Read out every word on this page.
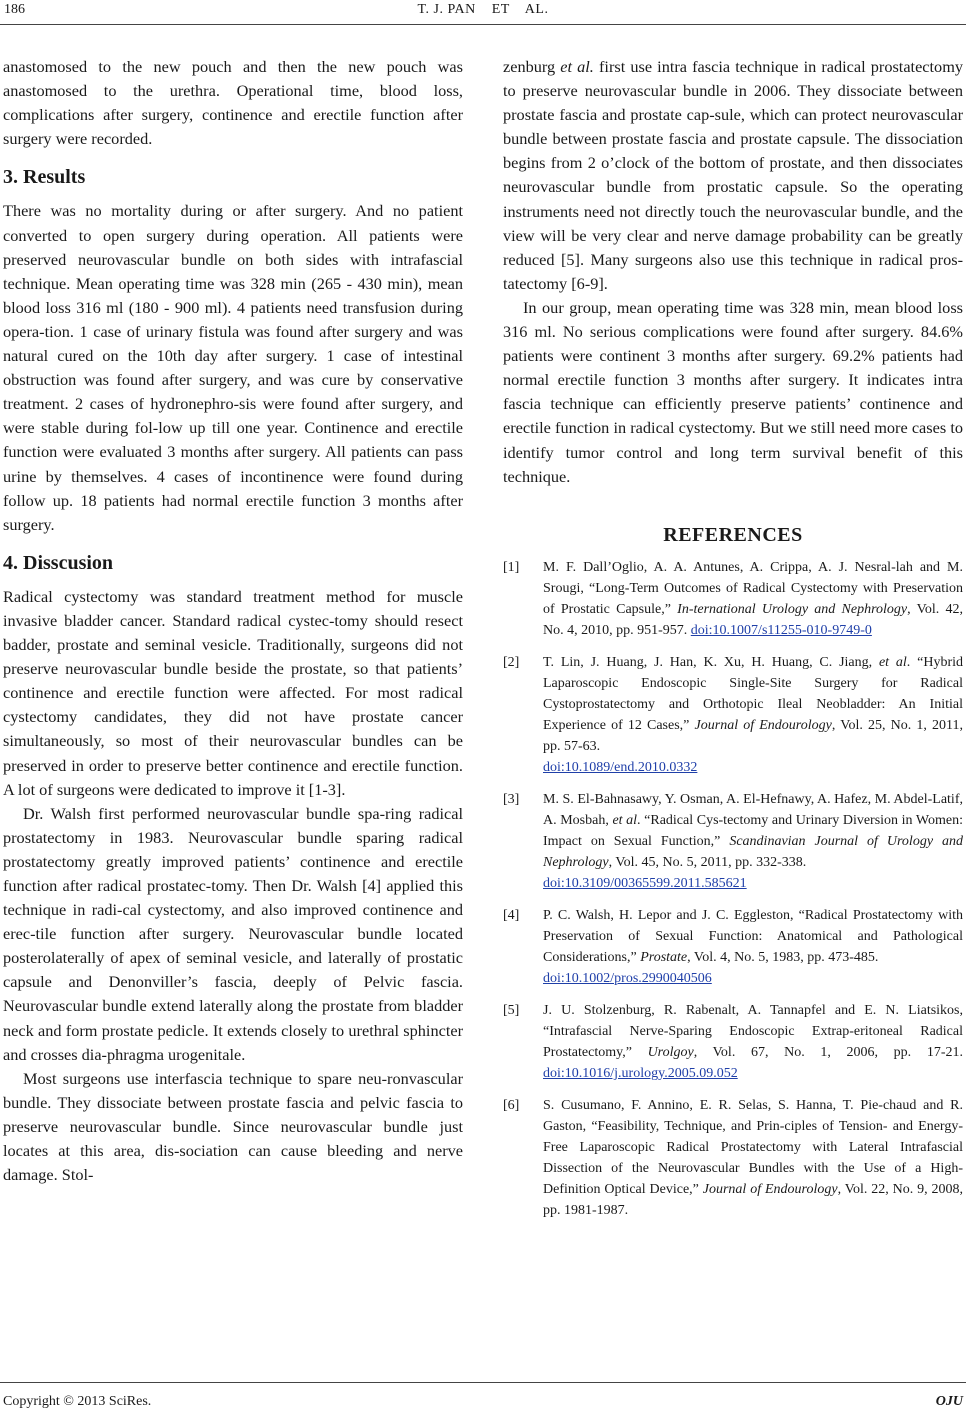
186	T. J. PAN    ET    AL.

anastomosed to the new pouch and then the new pouch was anastomosed to the urethra. Operational time, blood loss, complications after surgery, continence and erectile function after surgery were recorded.

3. Results

There was no mortality during or after surgery. And no patient converted to open surgery during operation. All patients were preserved neurovascular bundle on both sides with intrafascial technique. Mean operating time was 328 min (265 - 430 min), mean blood loss 316 ml (180 - 900 ml). 4 patients need transfusion during opera-tion. 1 case of urinary fistula was found after surgery and was natural cured on the 10th day after surgery. 1 case of intestinal obstruction was found after surgery, and was cure by conservative treatment. 2 cases of hydronephro-sis were found after surgery, and were stable during fol-low up till one year. Continence and erectile function were evaluated 3 months after surgery. All patients can pass urine by themselves. 4 cases of incontinence were found during follow up. 18 patients had normal erectile function 3 months after surgery.

4. Disscusion

Radical cystectomy was standard treatment method for muscle invasive bladder cancer. Standard radical cystec-tomy should resect badder, prostate and seminal vesicle. Traditionally, surgeons did not preserve neurovascular bundle beside the prostate, so that patients’ continence and erectile function were affected. For most radical cystectomy candidates, they did not have prostate cancer simultaneously, so most of their neurovascular bundles can be preserved in order to preserve better continence and erectile function. A lot of surgeons were dedicated to improve it [1-3].

Dr. Walsh first performed neurovascular bundle spa-ring radical prostatectomy in 1983. Neurovascular bundle sparing radical prostatectomy greatly improved patients’ continence and erectile function after radical prostatec-tomy. Then Dr. Walsh [4] applied this technique in radi-cal cystectomy, and also improved continence and erec-tile function after surgery. Neurovascular bundle located posterolaterally of apex of seminal vesicle, and laterally of prostatic capsule and Denonviller’s fascia, deeply of Pelvic fascia. Neurovascular bundle extend laterally along the prostate from bladder neck and form prostate pedicle. It extends closely to urethral sphincter and crosses dia-phragma urogenitale.

Most surgeons use interfascia technique to spare neu-ronvascular bundle. They dissociate between prostate fascia and pelvic fascia to preserve neurovascular bundle. Since neurovascular bundle just locates at this area, dis-sociation can cause bleeding and nerve damage. Stol-

zenburg et al. first use intra fascia technique in radical prostatectomy to preserve neurovascular bundle in 2006. They dissociate between prostate fascia and prostate cap-sule, which can protect neurovascular bundle between prostate fascia and prostate capsule. The dissociation begins from 2 o’clock of the bottom of prostate, and then dissociates neurovascular bundle from prostatic capsule. So the operating instruments need not directly touch the neurovascular bundle, and the view will be very clear and nerve damage probability can be greatly reduced [5]. Many surgeons also use this technique in radical pros-tatectomy [6-9].

In our group, mean operating time was 328 min, mean blood loss 316 ml. No serious complications were found after surgery. 84.6% patients were continent 3 months after surgery. 69.2% patients had normal erectile function 3 months after surgery. It indicates intra fascia technique can efficiently preserve patients’ continence and erectile function in radical cystectomy. But we still need more cases to identify tumor control and long term survival benefit of this technique.

REFERENCES
[1] M. F. Dall’Oglio, A. A. Antunes, A. Crippa, A. J. Nesral-lah and M. Srougi, “Long-Term Outcomes of Radical Cystectomy with Preservation of Prostatic Capsule,” In-ternational Urology and Nephrology, Vol. 42, No. 4, 2010, pp. 951-957. doi:10.1007/s11255-010-9749-0
[2] T. Lin, J. Huang, J. Han, K. Xu, H. Huang, C. Jiang, et al. “Hybrid Laparoscopic Endoscopic Single-Site Surgery for Radical Cystoprostatectomy and Orthotopic Ileal Neobladder: An Initial Experience of 12 Cases,” Journal of Endourology, Vol. 25, No. 1, 2011, pp. 57-63.
doi:10.1089/end.2010.0332
[3] M. S. El-Bahnasawy, Y. Osman, A. El-Hefnawy, A. Hafez, M. Abdel-Latif, A. Mosbah, et al. “Radical Cys-tectomy and Urinary Diversion in Women: Impact on Sexual Function,” Scandinavian Journal of Urology and Nephrology, Vol. 45, No. 5, 2011, pp. 332-338.
doi:10.3109/00365599.2011.585621
[4] P. C. Walsh, H. Lepor and J. C. Eggleston, “Radical Prostatectomy with Preservation of Sexual Function: Anatomical and Pathological Considerations,” Prostate, Vol. 4, No. 5, 1983, pp. 473-485.
doi:10.1002/pros.2990040506
[5] J. U. Stolzenburg, R. Rabenalt, A. Tannapfel and E. N. Liatsikos, “Intrafascial Nerve-Sparing Endoscopic Extrap-eritoneal Radical Prostatectomy,” Urolgoy, Vol. 67, No. 1, 2006, pp. 17-21. doi:10.1016/j.urology.2005.09.052
[6] S. Cusumano, F. Annino, E. R. Selas, S. Hanna, T. Pie-chaud and R. Gaston, “Feasibility, Technique, and Prin-ciples of Tension- and Energy-Free Laparoscopic Radical Prostatectomy with Lateral Intrafascial Dissection of the Neurovascular Bundles with the Use of a High-Definition Optical Device,” Journal of Endourology, Vol. 22, No. 9, 2008, pp. 1981-1987.
Copyright © 2013 SciRes.	OJU
